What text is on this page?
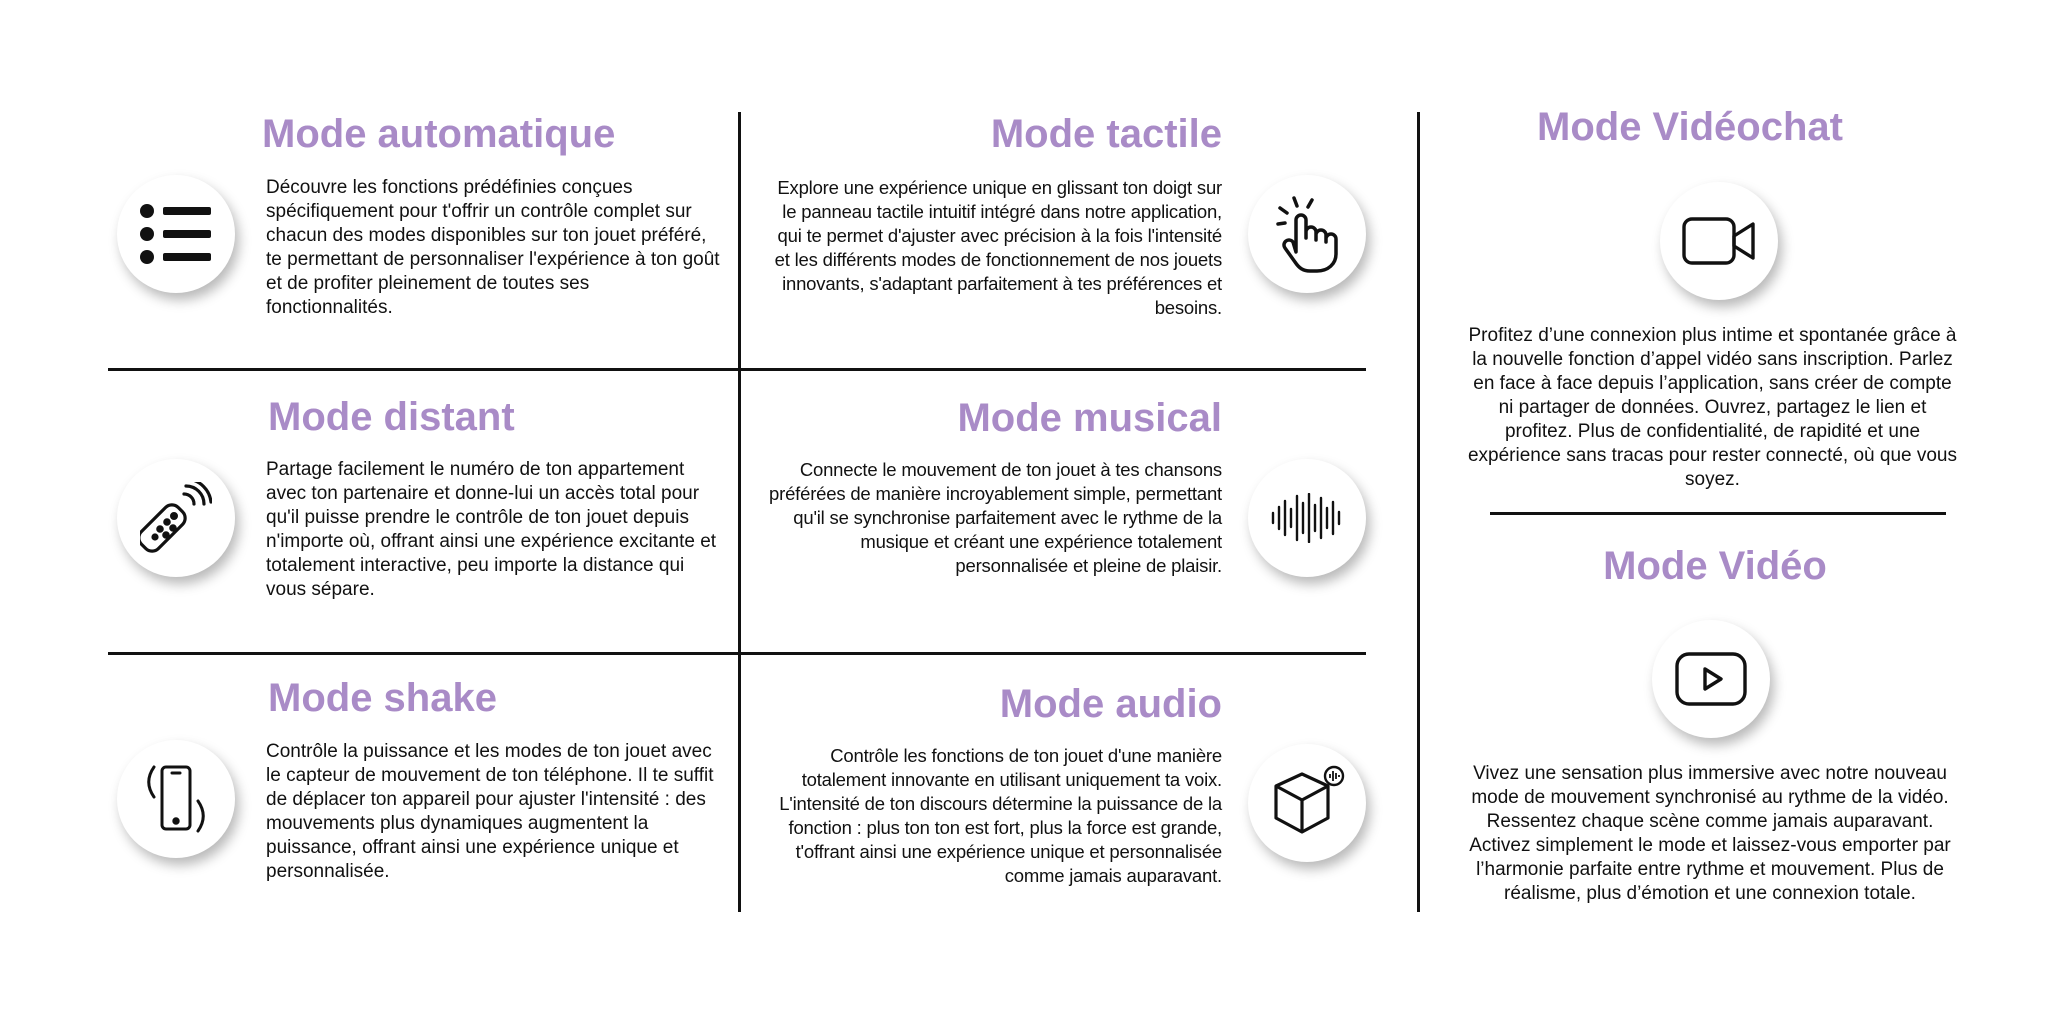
Mode automatique

Découvre les fonctions prédéfinies conçues spécifiquement pour t'offrir un contrôle complet sur chacun des modes disponibles sur ton jouet préféré, te permettant de personnaliser l'expérience à ton goût et de profiter pleinement de toutes ses fonctionnalités.

Mode tactile

Explore une expérience unique en glissant ton doigt sur le panneau tactile intuitif intégré dans notre application, qui te permet d'ajuster avec précision à la fois l'intensité et les différents modes de fonctionnement de nos jouets innovants, s'adaptant parfaitement à tes préférences et besoins.

Mode distant

Partage facilement le numéro de ton appartement avec ton partenaire et donne-lui un accès total pour qu'il puisse prendre le contrôle de ton jouet depuis n'importe où, offrant ainsi une expérience excitante et totalement interactive, peu importe la distance qui vous sépare.

Mode musical

Connecte le mouvement de ton jouet à tes chansons préférées de manière incroyablement simple, permettant qu'il se synchronise parfaitement avec le rythme de la musique et créant une expérience totalement personnalisée et pleine de plaisir.

Mode shake

Contrôle la puissance et les modes de ton jouet avec le capteur de mouvement de ton téléphone. Il te suffit de déplacer ton appareil pour ajuster l'intensité : des mouvements plus dynamiques augmentent la puissance, offrant ainsi une expérience unique et personnalisée.

Mode audio

Contrôle les fonctions de ton jouet d'une manière totalement innovante en utilisant uniquement ta voix. L'intensité de ton discours détermine la puissance de la fonction : plus ton ton est fort, plus la force est grande, t'offrant ainsi une expérience unique et personnalisée comme jamais auparavant.

Mode Vidéochat

Profitez d’une connexion plus intime et spontanée grâce à la nouvelle fonction d’appel vidéo sans inscription. Parlez en face à face depuis l’application, sans créer de compte ni partager de données. Ouvrez, partagez le lien et profitez. Plus de confidentialité, de rapidité et une expérience sans tracas pour rester connecté, où que vous soyez.

Mode Vidéo

Vivez une sensation plus immersive avec notre nouveau mode de mouvement synchronisé au rythme de la vidéo. Ressentez chaque scène comme jamais auparavant. Activez simplement le mode et laissez-vous emporter par l’harmonie parfaite entre rythme et mouvement. Plus de réalisme, plus d’émotion et une connexion totale.
